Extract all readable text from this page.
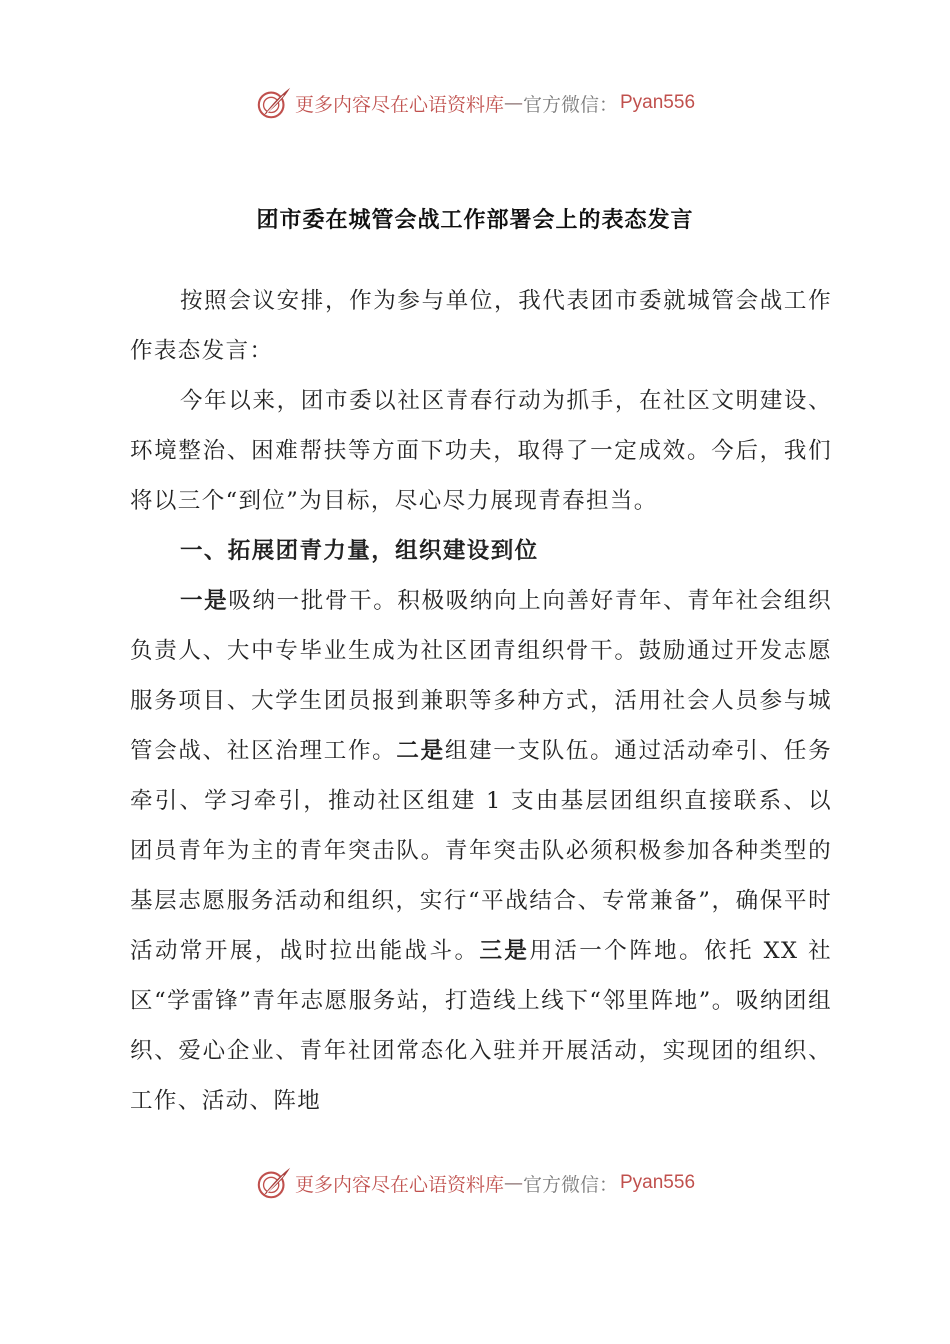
更多内容尽在心语资料库 — 官方微信： Pyan556
团市委在城管会战工作部署会上的表态发言

按照会议安排，作为参与单位，我代表团市委就城管会战工作作表态发言：

今年以来，团市委以社区青春行动为抓手，在社区文明建设、环境整治、困难帮扶等方面下功夫，取得了一定成效。今后，我们将以三个“到位”为目标，尽心尽力展现青春担当。

一、拓展团青力量，组织建设到位

一是吸纳一批骨干。积极吸纳向上向善好青年、青年社会组织负责人、大中专毕业生成为社区团青组织骨干。鼓励通过开发志愿服务项目、大学生团员报到兼职等多种方式，活用社会人员参与城管会战、社区治理工作。二是组建一支队伍。通过活动牵引、任务牵引、学习牵引，推动社区组建 1 支由基层团组织直接联系、以团员青年为主的青年突击队。青年突击队必须积极参加各种类型的基层志愿服务活动和组织，实行“平战结合、专常兼备”，确保平时活动常开展，战时拉出能战斗。三是用活一个阵地。依托 XX 社区“学雷锋”青年志愿服务站，打造线上线下“邻里阵地”。吸纳团组织、爱心企业、青年社团常态化入驻并开展活动，实现团的组织、工作、活动、阵地

更多内容尽在心语资料库 — 官方微信： Pyan556
